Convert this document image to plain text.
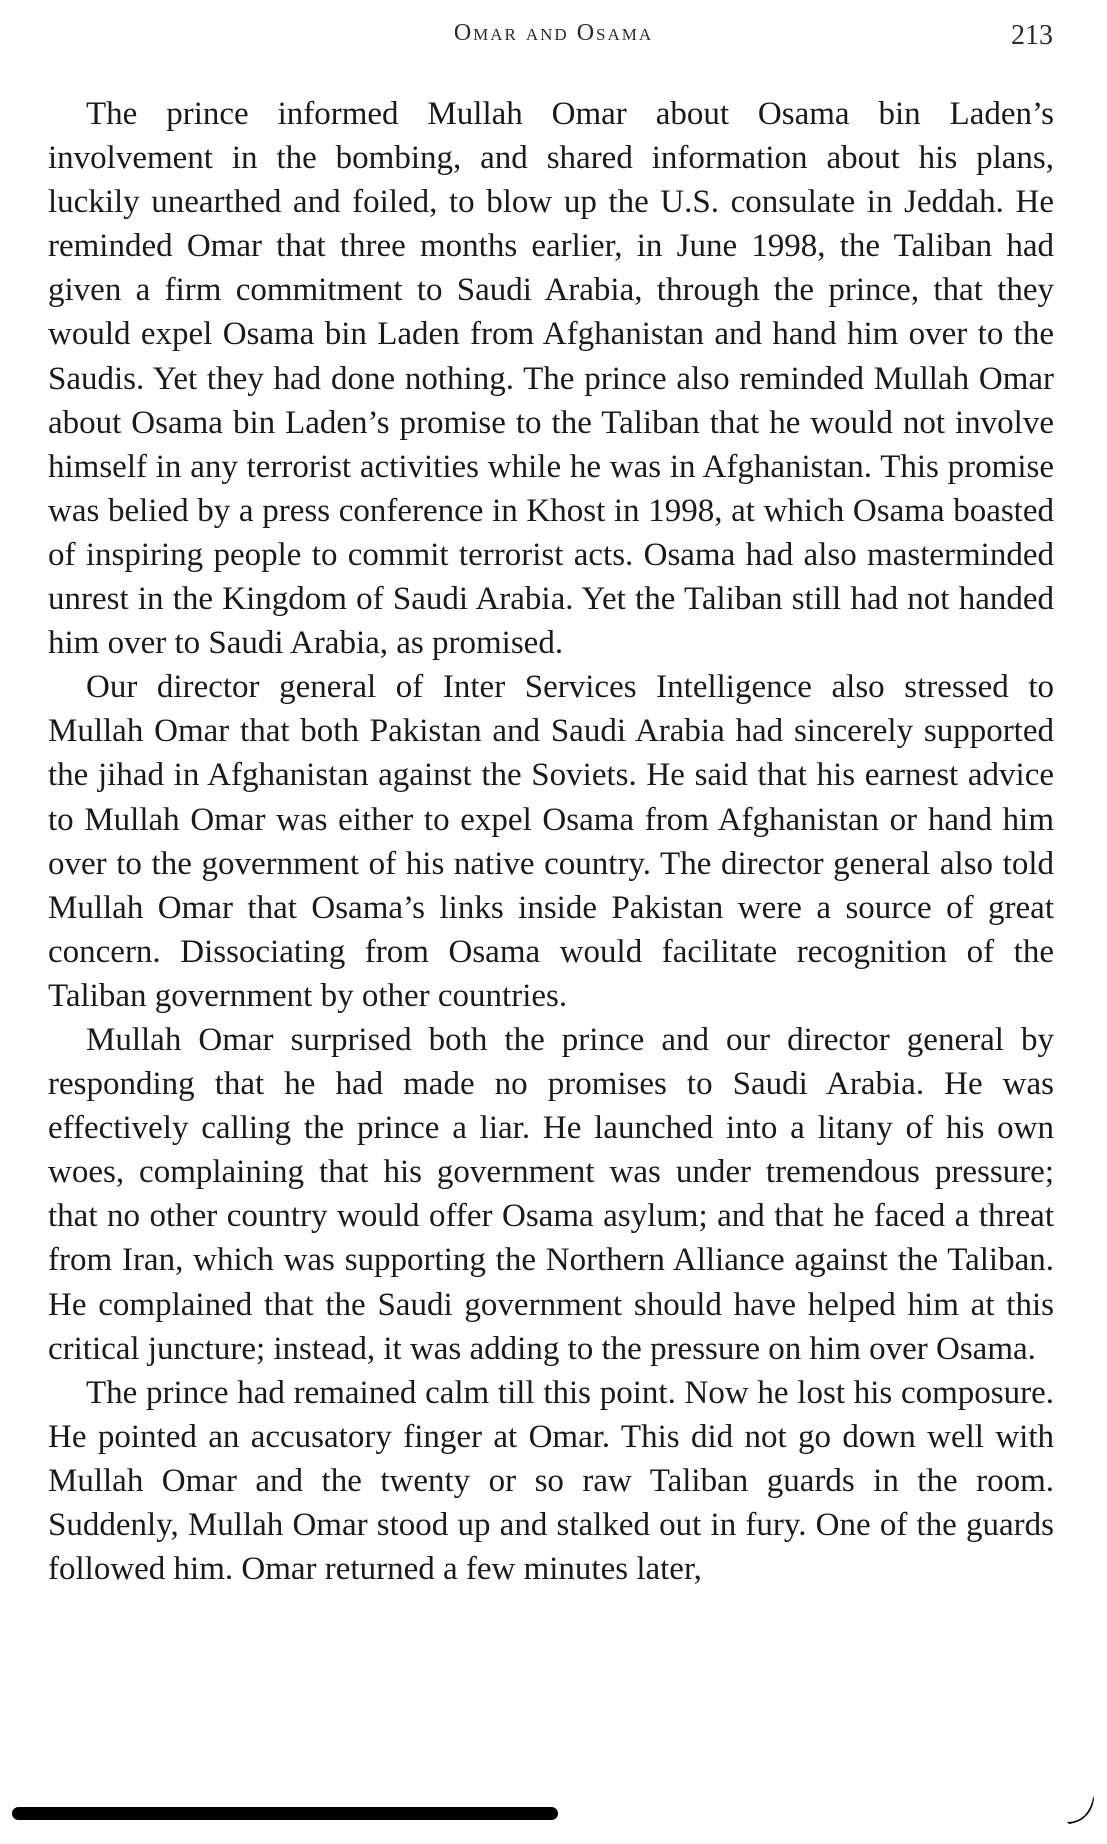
Omar and Osama	213

The prince informed Mullah Omar about Osama bin Laden’s involvement in the bombing, and shared information about his plans, luckily unearthed and foiled, to blow up the U.S. consulate in Jeddah. He reminded Omar that three months earlier, in June 1998, the Taliban had given a firm commitment to Saudi Arabia, through the prince, that they would expel Osama bin Laden from Afghanistan and hand him over to the Saudis. Yet they had done nothing. The prince also reminded Mullah Omar about Osama bin Laden’s promise to the Taliban that he would not involve himself in any terrorist activities while he was in Afghanistan. This promise was belied by a press conference in Khost in 1998, at which Osama boasted of inspiring people to commit terrorist acts. Osama had also masterminded unrest in the Kingdom of Saudi Arabia. Yet the Taliban still had not handed him over to Saudi Arabia, as promised.

Our director general of Inter Services Intelligence also stressed to Mullah Omar that both Pakistan and Saudi Arabia had sincerely supported the jihad in Afghanistan against the Soviets. He said that his earnest advice to Mullah Omar was either to expel Osama from Afghanistan or hand him over to the government of his native country. The director general also told Mullah Omar that Osama’s links inside Pakistan were a source of great concern. Dissociating from Osama would facilitate recognition of the Taliban government by other countries.

Mullah Omar surprised both the prince and our director general by responding that he had made no promises to Saudi Arabia. He was effectively calling the prince a liar. He launched into a litany of his own woes, complaining that his government was under tremendous pressure; that no other country would offer Osama asylum; and that he faced a threat from Iran, which was supporting the Northern Alliance against the Taliban. He complained that the Saudi government should have helped him at this critical juncture; instead, it was adding to the pressure on him over Osama.

The prince had remained calm till this point. Now he lost his composure. He pointed an accusatory finger at Omar. This did not go down well with Mullah Omar and the twenty or so raw Taliban guards in the room. Suddenly, Mullah Omar stood up and stalked out in fury. One of the guards followed him. Omar returned a few minutes later,
